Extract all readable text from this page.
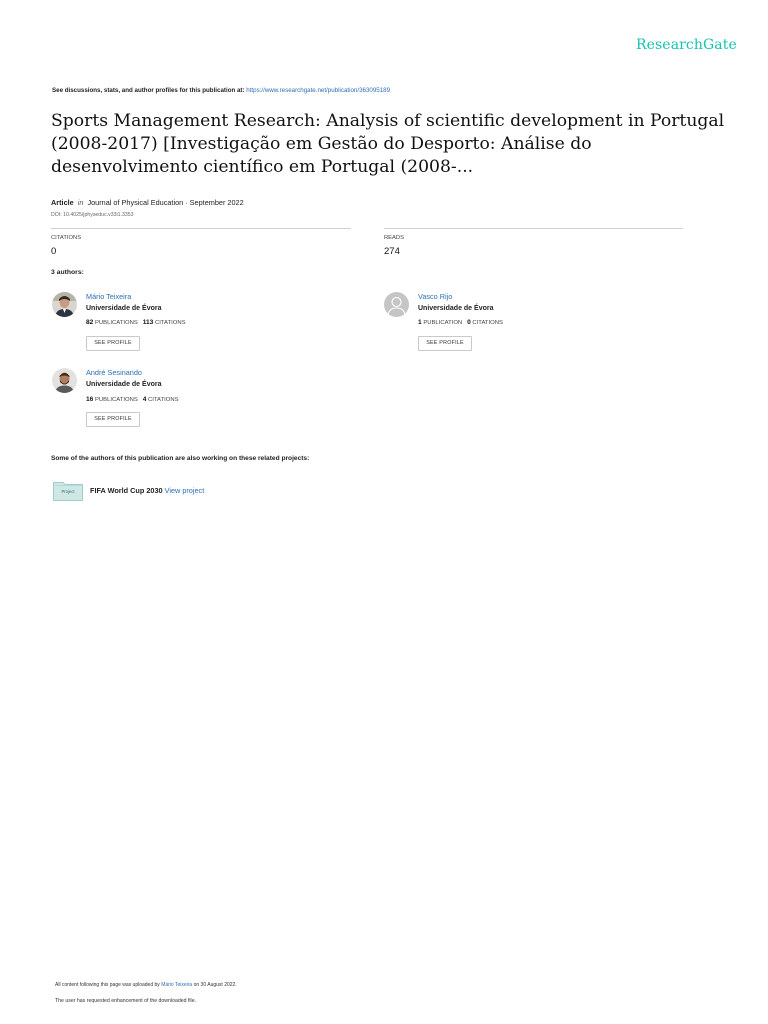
ResearchGate
See discussions, stats, and author profiles for this publication at: https://www.researchgate.net/publication/363095189
Sports Management Research: Analysis of scientific development in Portugal
(2008-2017) [Investigação em Gestão do Desporto: Análise do
desenvolvimento científico em Portugal (2008-...
Article in Journal of Physical Education · September 2022
DOI: 10.4025/jphyseduc.v33i1.3353
CITATIONS
0
READS
274
3 authors:
Mário Teixeira
Universidade de Évora
82 PUBLICATIONS 113 CITATIONS
SEE PROFILE
Vasco Rijo
Universidade de Évora
1 PUBLICATION 0 CITATIONS
SEE PROFILE
André Sesinando
Universidade de Évora
16 PUBLICATIONS 4 CITATIONS
SEE PROFILE
Some of the authors of this publication are also working on these related projects:
Project	FIFA World Cup 2030 View project
All content following this page was uploaded by Mário Teixeira on 30 August 2022.
The user has requested enhancement of the downloaded file.
